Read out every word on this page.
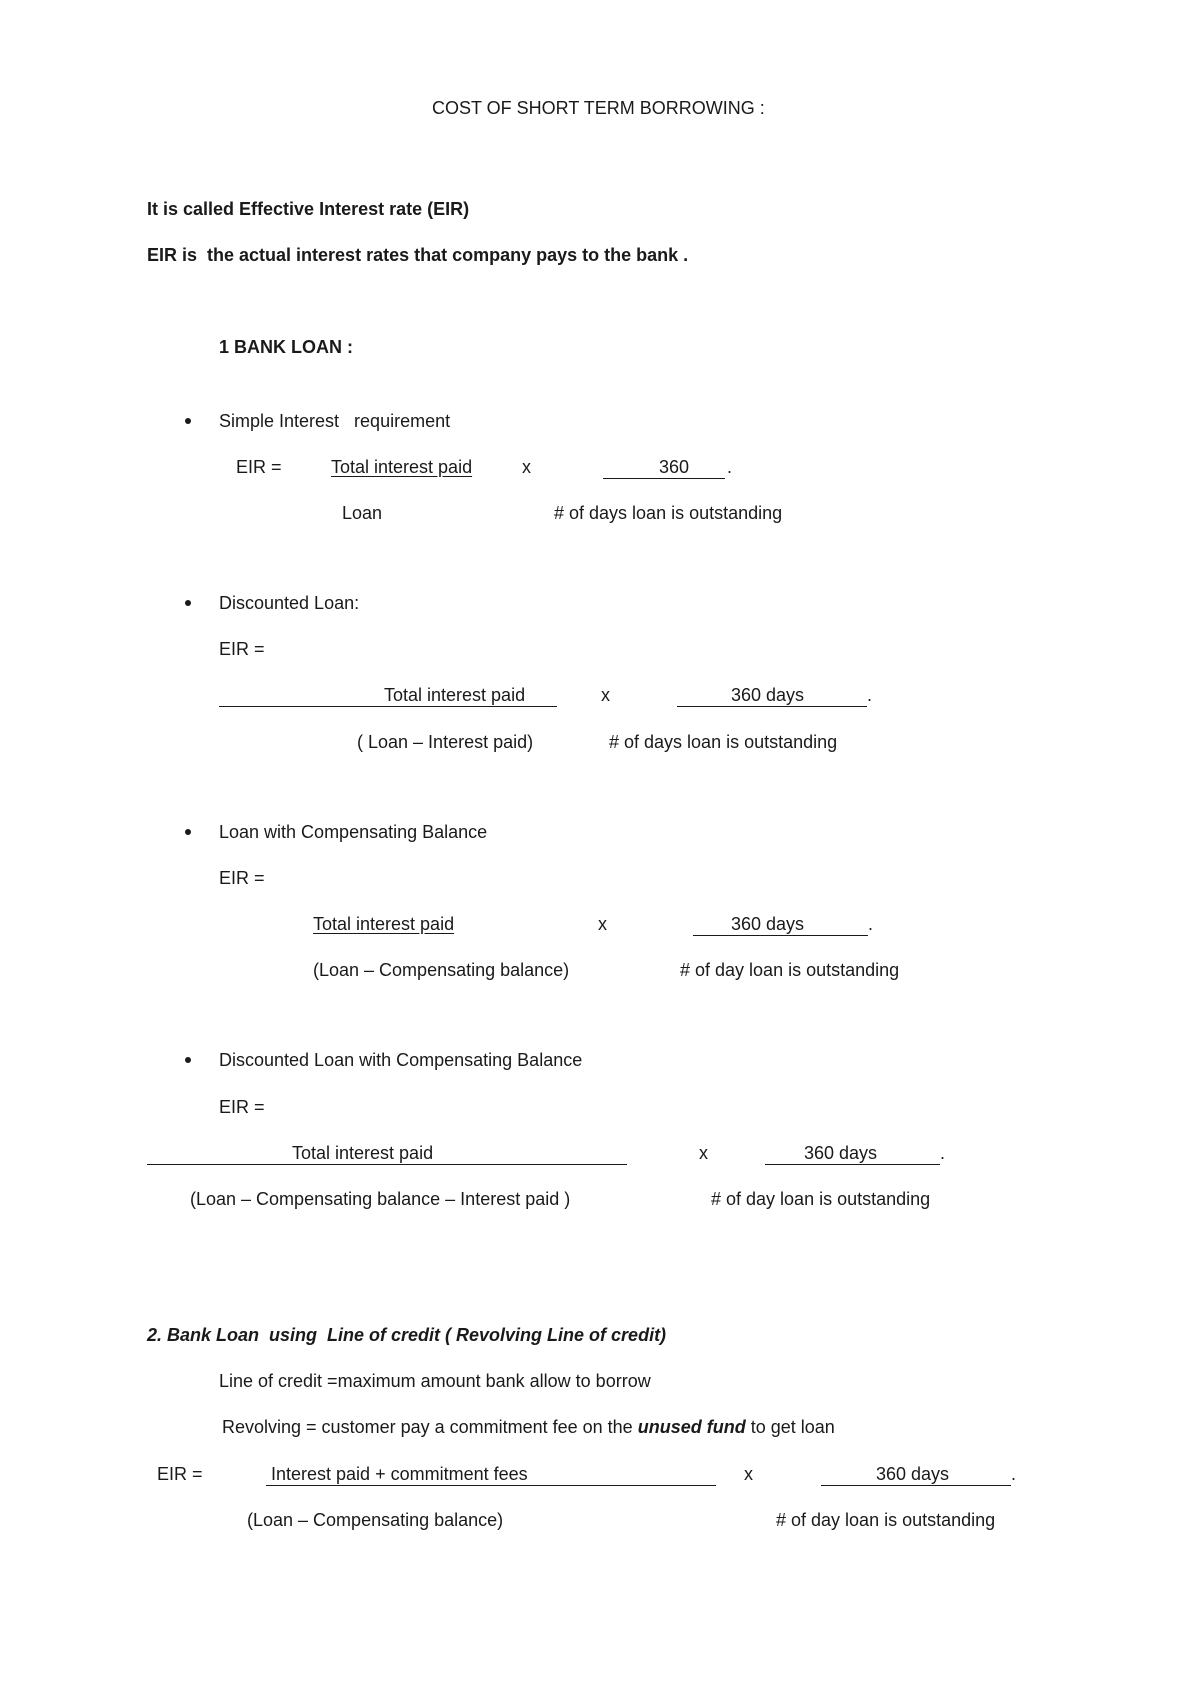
COST OF SHORT TERM BORROWING :
It is called Effective Interest rate (EIR)
EIR is  the actual interest rates that company pays to the bank .
1 BANK LOAN :
Simple Interest   requirement
EIR =	Total interest paid	x	360 .
Loan	# of days loan is outstanding
Discounted Loan:
EIR =
Total interest paid	x	360 days	.
( Loan – Interest paid)	# of days loan is outstanding
Loan with Compensating Balance
EIR =
Total interest paid	x	360 days	.
(Loan – Compensating balance)	# of day loan is outstanding
Discounted Loan with Compensating Balance
EIR =
Total interest paid	x	360 days	.
(Loan – Compensating balance – Interest paid )	# of day loan is outstanding
2. Bank Loan  using  Line of credit ( Revolving Line of credit)
Line of credit =maximum amount bank allow to borrow
Revolving = customer pay a commitment fee on the unused fund to get loan
EIR =	Interest paid + commitment fees	x	360 days	.
(Loan – Compensating balance)	# of day loan is outstanding
